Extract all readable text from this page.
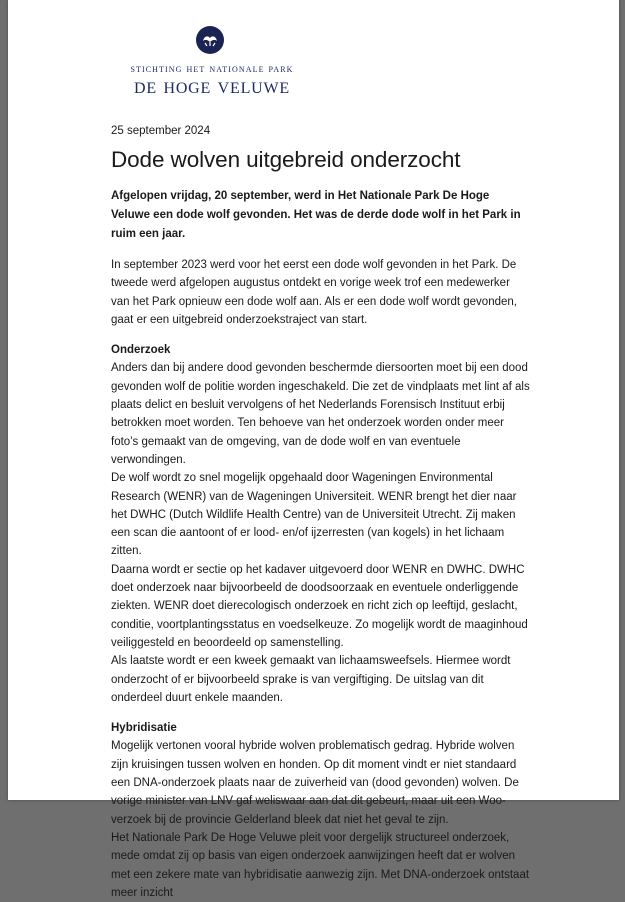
stichting het nationale park
de hoge veluwe
25 september 2024
Dode wolven uitgebreid onderzocht
Afgelopen vrijdag, 20 september, werd in Het Nationale Park De Hoge Veluwe een dode wolf gevonden. Het was de derde dode wolf in het Park in ruim een jaar.

In september 2023 werd voor het eerst een dode wolf gevonden in het Park. De tweede werd afgelopen augustus ontdekt en vorige week trof een medewerker van het Park opnieuw een dode wolf aan. Als er een dode wolf wordt gevonden, gaat er een uitgebreid onderzoekstraject van start.

Onderzoek

Anders dan bij andere dood gevonden beschermde diersoorten moet bij een dood gevonden wolf de politie worden ingeschakeld. Die zet de vindplaats met lint af als plaats delict en besluit vervolgens of het Nederlands Forensisch Instituut erbij betrokken moet worden. Ten behoeve van het onderzoek worden onder meer foto’s gemaakt van de omgeving, van de dode wolf en van eventuele verwondingen.

De wolf wordt zo snel mogelijk opgehaald door Wageningen Environmental Research (WENR) van de Wageningen Universiteit. WENR brengt het dier naar het DWHC (Dutch Wildlife Health Centre) van de Universiteit Utrecht. Zij maken een scan die aantoont of er lood- en/of ijzerresten (van kogels) in het lichaam zitten.

Daarna wordt er sectie op het kadaver uitgevoerd door WENR en DWHC. DWHC doet onderzoek naar bijvoorbeeld de doodsoorzaak en eventuele onderliggende ziekten. WENR doet dierecologisch onderzoek en richt zich op leeftijd, geslacht, conditie, voortplantingsstatus en voedselkeuze. Zo mogelijk wordt de maaginhoud veiliggesteld en beoordeeld op samenstelling.

Als laatste wordt er een kweek gemaakt van lichaamsweefsels. Hiermee wordt onderzocht of er bijvoorbeeld sprake is van vergiftiging. De uitslag van dit onderdeel duurt enkele maanden.

Hybridisatie

Mogelijk vertonen vooral hybride wolven problematisch gedrag. Hybride wolven zijn kruisingen tussen wolven en honden. Op dit moment vindt er niet standaard een DNA-onderzoek plaats naar de zuiverheid van (dood gevonden) wolven. De vorige minister van LNV gaf weliswaar aan dat dit gebeurt, maar uit een Woo-verzoek bij de provincie Gelderland bleek dat niet het geval te zijn.

Het Nationale Park De Hoge Veluwe pleit voor dergelijk structureel onderzoek, mede omdat zij op basis van eigen onderzoek aanwijzingen heeft dat er wolven met een zekere mate van hybridisatie aanwezig zijn. Met DNA-onderzoek ontstaat meer inzicht
